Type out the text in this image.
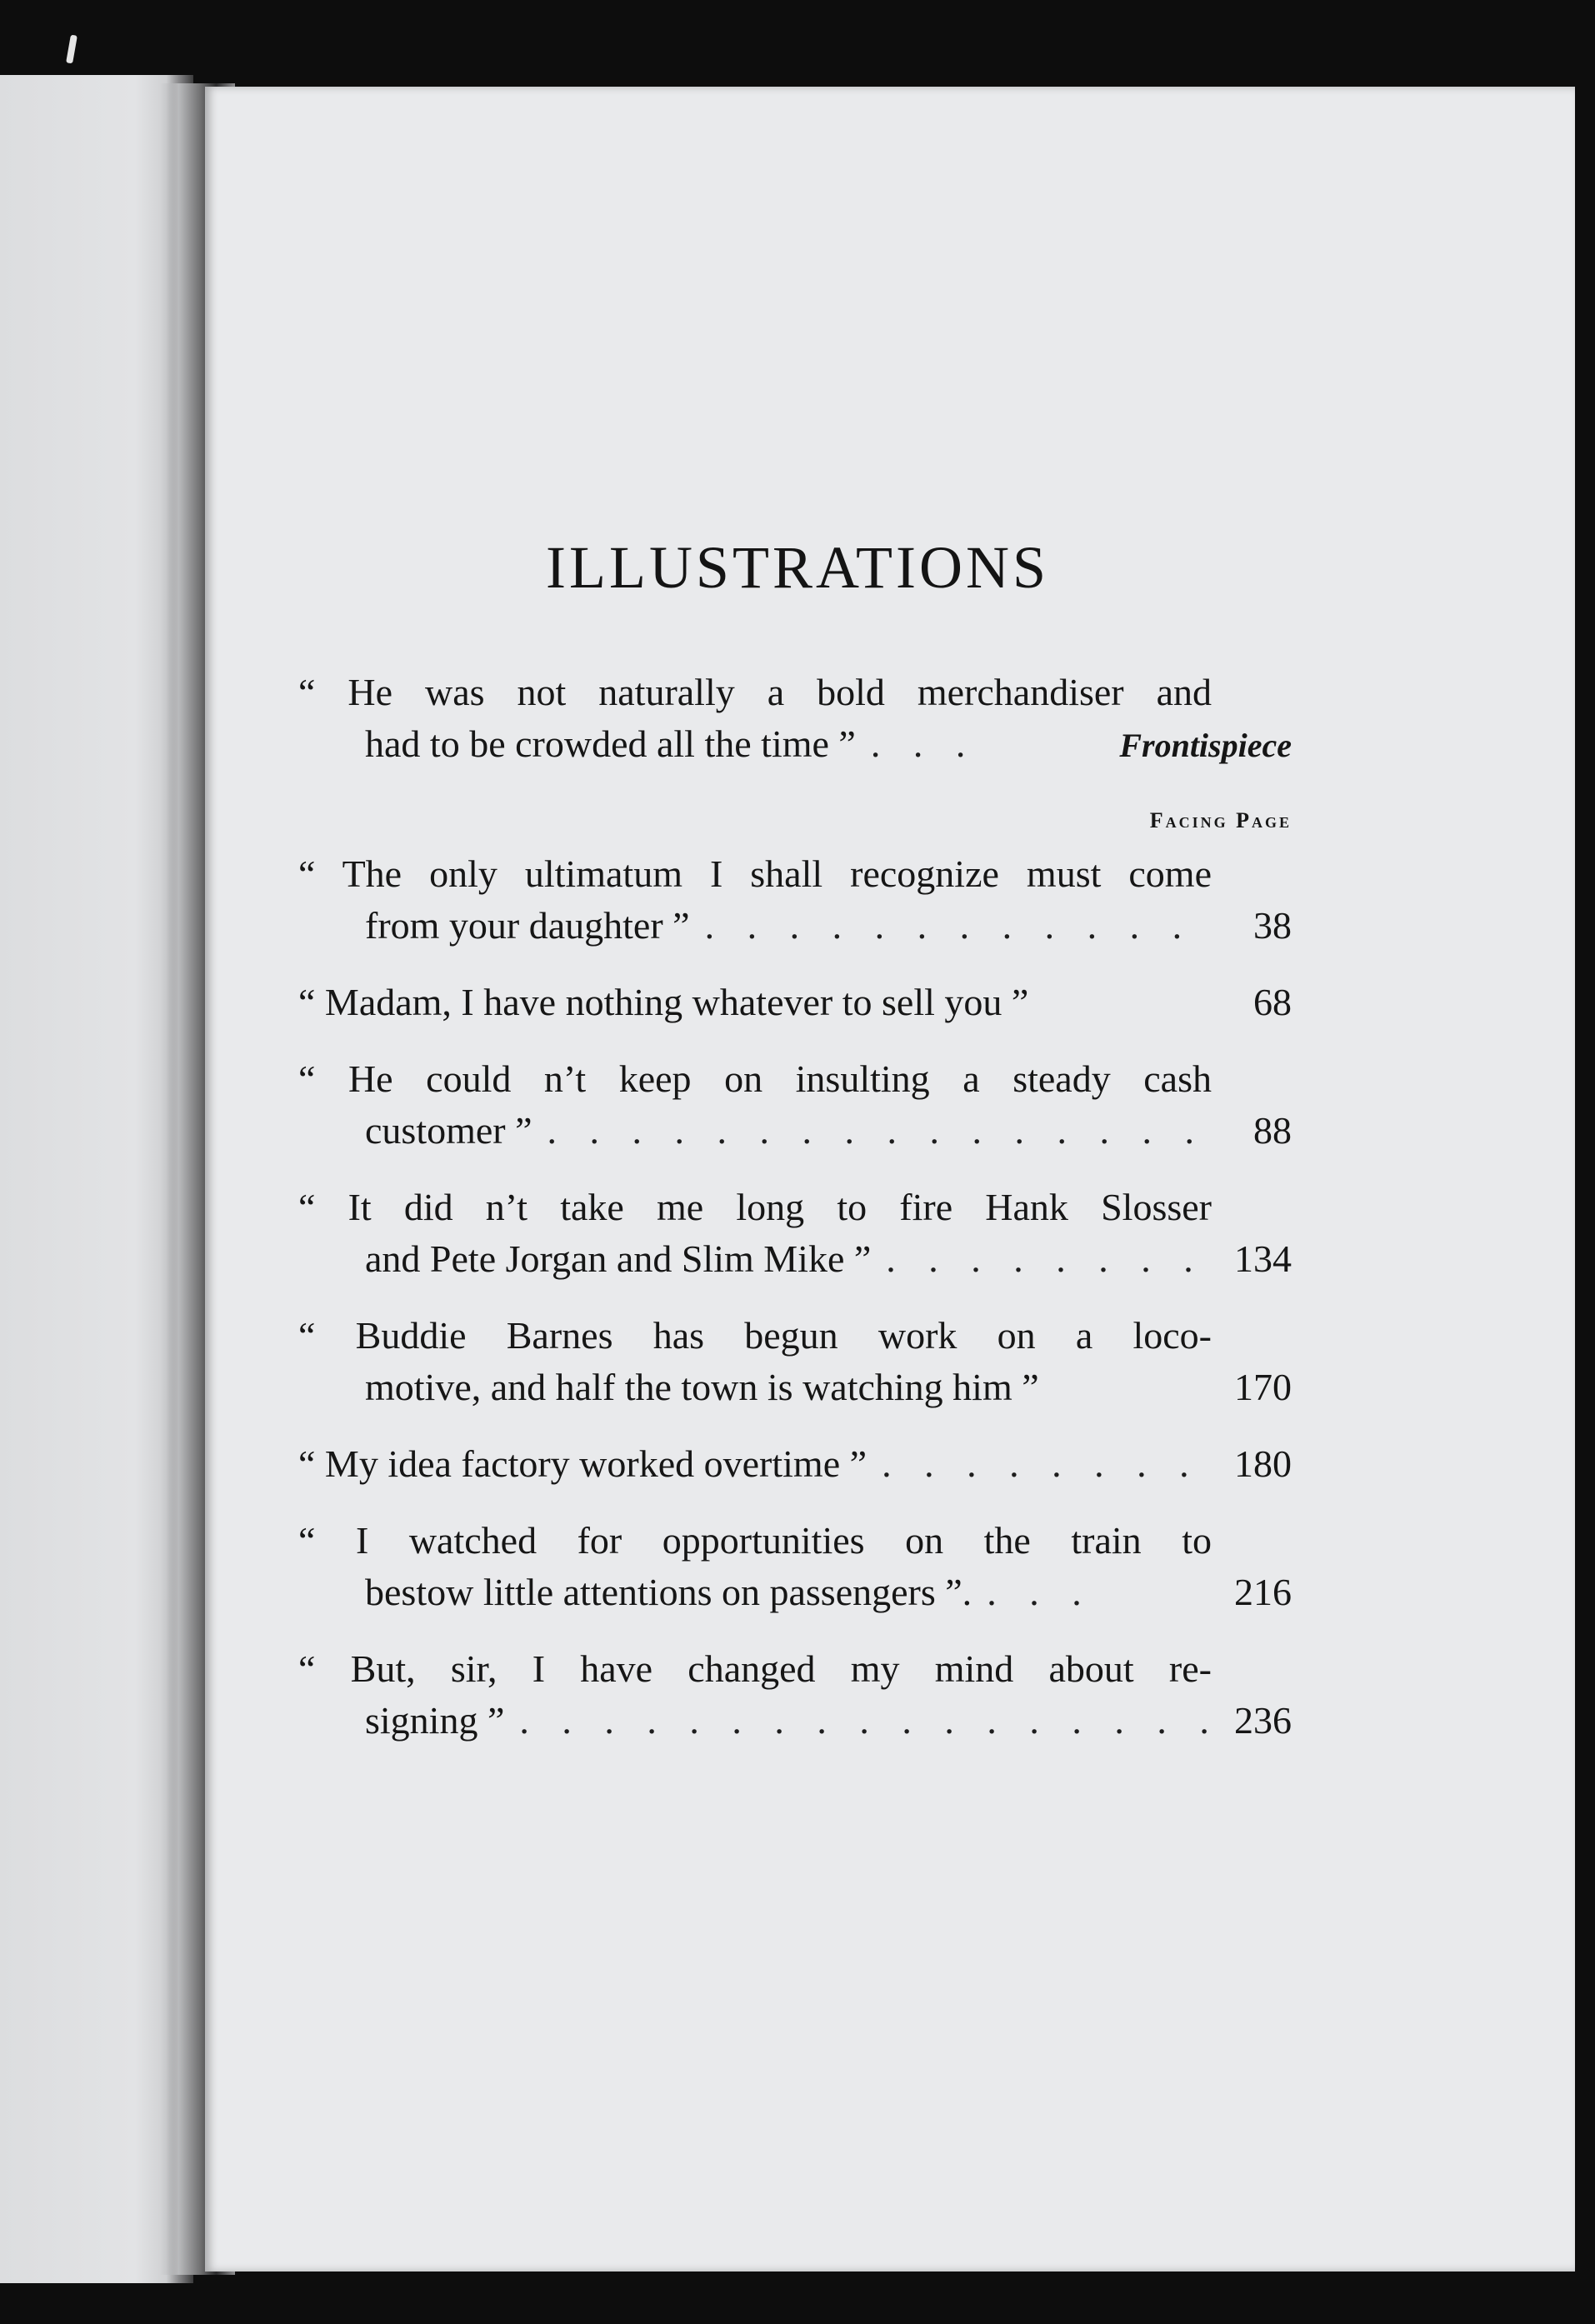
ILLUSTRATIONS
“ He was not naturally a bold merchandiser and
had to be crowded all the time ” . . .	Frontispiece
Facing Page
“ The only ultimatum I shall recognize must come
from your daughter ” . . .	38
“ Madam, I have nothing whatever to sell you ”	68
“ He could n’t keep on insulting a steady cash
customer ” . . .	88
“ It did n’t take me long to fire Hank Slosser
and Pete Jorgan and Slim Mike ” . . .	134
“ Buddie Barnes has begun work on a loco-
motive, and half the town is watching him ”	170
“ My idea factory worked overtime ” . . .	180
“ I watched for opportunities on the train to
bestow little attentions on passengers ”. . . .	216
“ But, sir, I have changed my mind about re-
signing ” . . .	236
